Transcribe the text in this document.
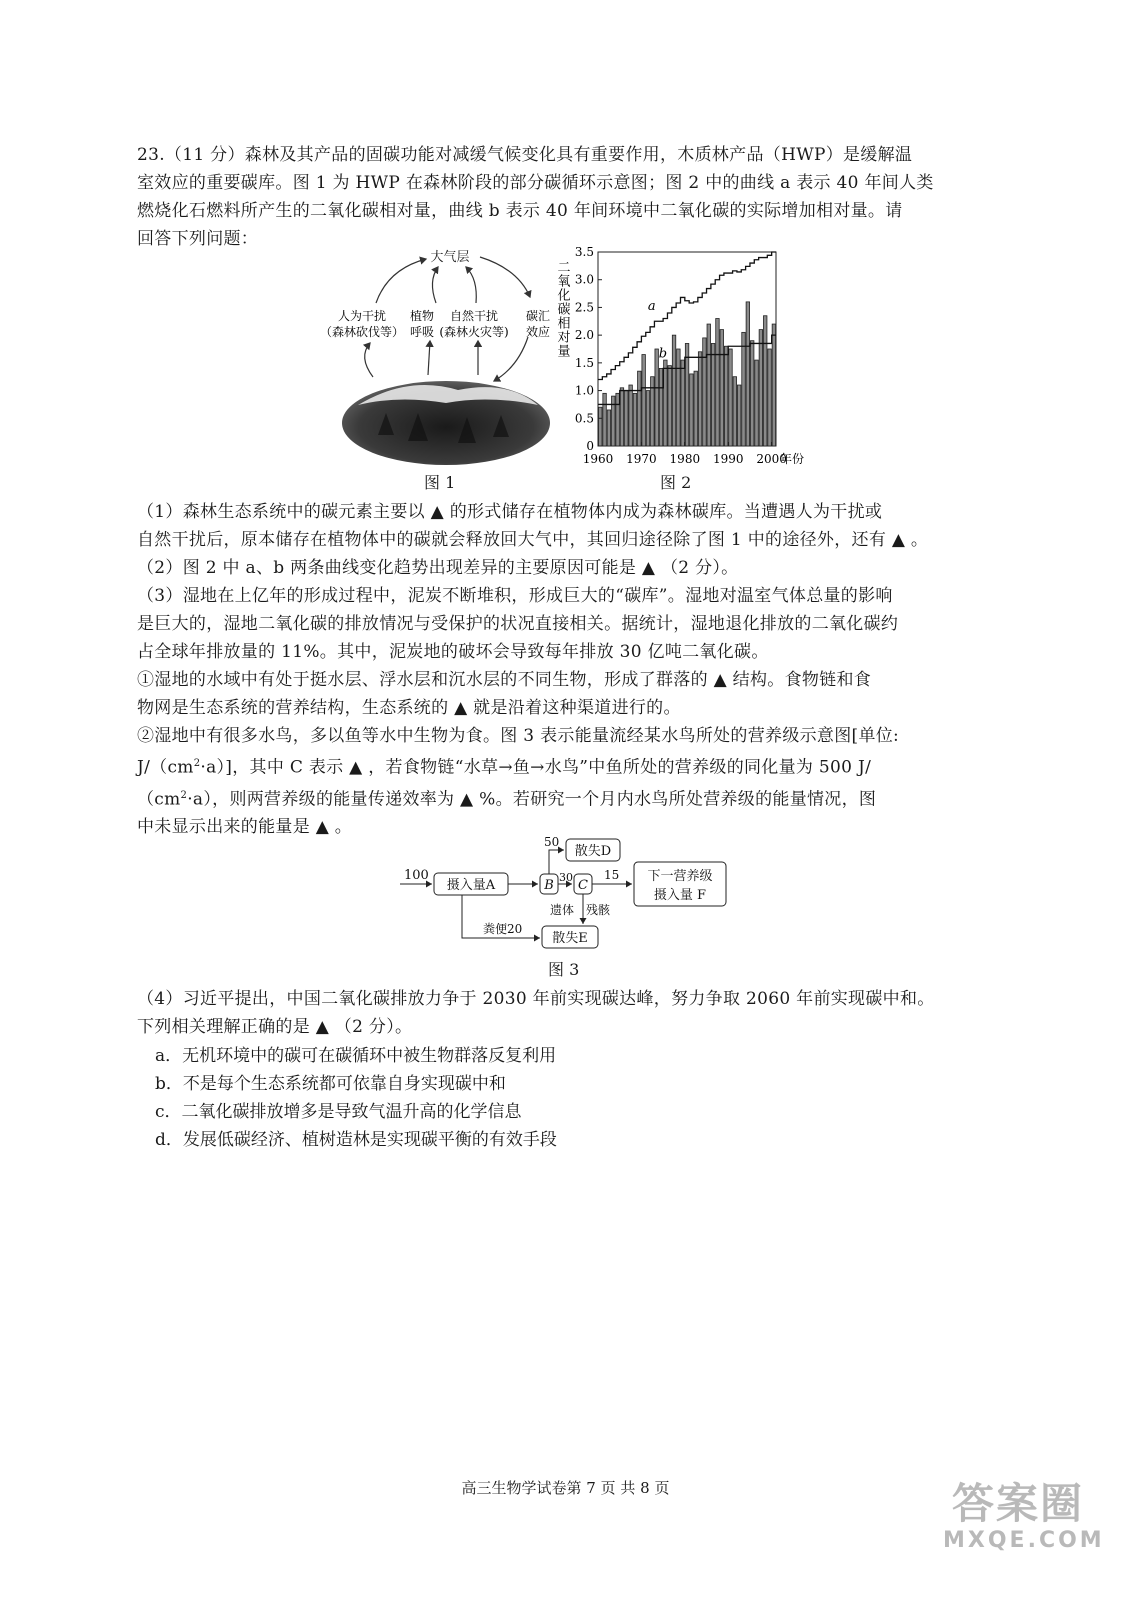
23.（11 分）森林及其产品的固碳功能对减缓气候变化具有重要作用，木质林产品（HWP）是缓解温
室效应的重要碳库。图 1 为 HWP 在森林阶段的部分碳循环示意图；图 2 中的曲线 a 表示 40 年间人类
燃烧化石燃料所产生的二氧化碳相对量，曲线 b 表示 40 年间环境中二氧化碳的实际增加相对量。请
回答下列问题：
大气层
人为干扰
（森林砍伐等）
植物
呼吸
自然干扰
(森林火灾等)
碳汇
效应
图 1
a
b
0
0.5
1.0
1.5
2.0
2.5
3.0
3.5
1960 1970 1980 1990 2000
年份
二氧化碳相对量
图 2
（1）森林生态系统中的碳元素主要以 ▲ 的形式储存在植物体内成为森林碳库。当遭遇人为干扰或
自然干扰后，原本储存在植物体中的碳就会释放回大气中，其回归途径除了图 1 中的途径外，还有 ▲ 。
（2）图 2 中 a、b 两条曲线变化趋势出现差异的主要原因可能是 ▲ （2 分）。
（3）湿地在上亿年的形成过程中，泥炭不断堆积，形成巨大的“碳库”。湿地对温室气体总量的影响
是巨大的，湿地二氧化碳的排放情况与受保护的状况直接相关。据统计，湿地退化排放的二氧化碳约
占全球年排放量的 11%。其中，泥炭地的破坏会导致每年排放 30 亿吨二氧化碳。
①湿地的水域中有处于挺水层、浮水层和沉水层的不同生物，形成了群落的 ▲ 结构。食物链和食
物网是生态系统的营养结构，生态系统的 ▲ 就是沿着这种渠道进行的。
②湿地中有很多水鸟，多以鱼等水中生物为食。图 3 表示能量流经某水鸟所处的营养级示意图[单位:
$J/(cm^2\cdot a)$]，其中 C 表示 ▲ ，若食物链“水草→鱼→水鸟”中鱼所处的营养级的同化量为 500 J/
$(cm^2\cdot a)$，则两营养级的能量传递效率为 ▲ %。若研究一个月内水鸟所处营养级的能量情况，图
中未显示出来的能量是 ▲ 。
100
摄入量A	B C
散失D
散失E
下一营养级
摄入量 F
50
30	15
粪便20
遗体 残骸
图 3
（4）习近平提出，中国二氧化碳排放力争于 2030 年前实现碳达峰，努力争取 2060 年前实现碳中和。
下列相关理解正确的是 ▲ （2 分）。
a．无机环境中的碳可在碳循环中被生物群落反复利用
b．不是每个生态系统都可依靠自身实现碳中和
c．二氧化碳排放增多是导致气温升高的化学信息
d．发展低碳经济、植树造林是实现碳平衡的有效手段
高三生物学试卷第 7 页 共 8 页	答案圈
MXQE.COM
